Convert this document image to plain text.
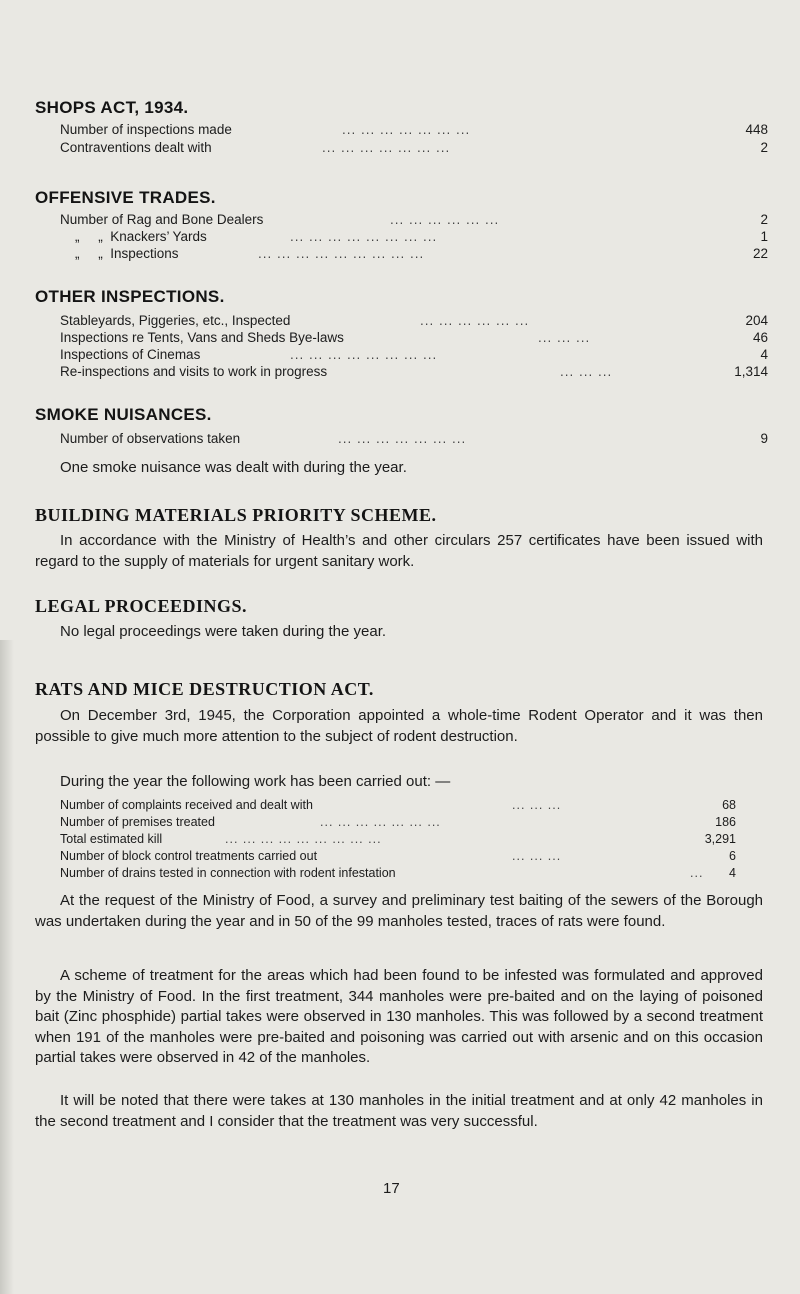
SHOPS ACT, 1934.
Number of inspections made	... ... ... ... ... ... ...	448
Contraventions dealt with	... ... ... ... ... ... ...	2
OFFENSIVE TRADES.
Number of Rag and Bone Dealers	... ... ... ... ... ...	2
„     „  Knackers’ Yards	... ... ... ... ... ... ... ...	1
„     „  Inspections	... ... ... ... ... ... ... ... ...	22
OTHER INSPECTIONS.
Stableyards, Piggeries, etc., Inspected	... ... ... ... ... ...	204
Inspections re Tents, Vans and Sheds Bye-laws	... ... ...	46
Inspections of Cinemas	... ... ... ... ... ... ... ...	4
Re-inspections and visits to work in progress	... ... ...	1,314
SMOKE NUISANCES.
Number of observations taken	... ... ... ... ... ... ...	9
One smoke nuisance was dealt with during the year.
BUILDING MATERIALS PRIORITY SCHEME.
In accordance with the Ministry of Health’s and other circulars 257 certificates have been issued with regard to the supply of materials for urgent sanitary work.
LEGAL PROCEEDINGS.
No legal proceedings were taken during the year.
RATS AND MICE DESTRUCTION ACT.
On December 3rd, 1945, the Corporation appointed a whole-time Rodent Operator and it was then possible to give much more attention to the subject of rodent destruction.
During the year the following work has been carried out: —
Number of complaints received and dealt with	... ... ...	68
Number of premises treated	... ... ... ... ... ... ...	186
Total estimated kill	... ... ... ... ... ... ... ... ...	3,291
Number of block control treatments carried out	... ... ...	6
Number of drains tested in connection with rodent infestation	... 4
At the request of the Ministry of Food, a survey and preliminary test baiting of the sewers of the Borough was undertaken during the year and in 50 of the 99 manholes tested, traces of rats were found.
A scheme of treatment for the areas which had been found to be infested was formulated and approved by the Ministry of Food. In the first treatment, 344 manholes were pre-baited and on the laying of poisoned bait (Zinc phosphide) partial takes were observed in 130 manholes. This was followed by a second treatment when 191 of the manholes were pre-baited and poisoning was carried out with arsenic and on this occasion partial takes were observed in 42 of the manholes.
It will be noted that there were takes at 130 manholes in the initial treatment and at only 42 manholes in the second treatment and I consider that the treatment was very successful.
17
